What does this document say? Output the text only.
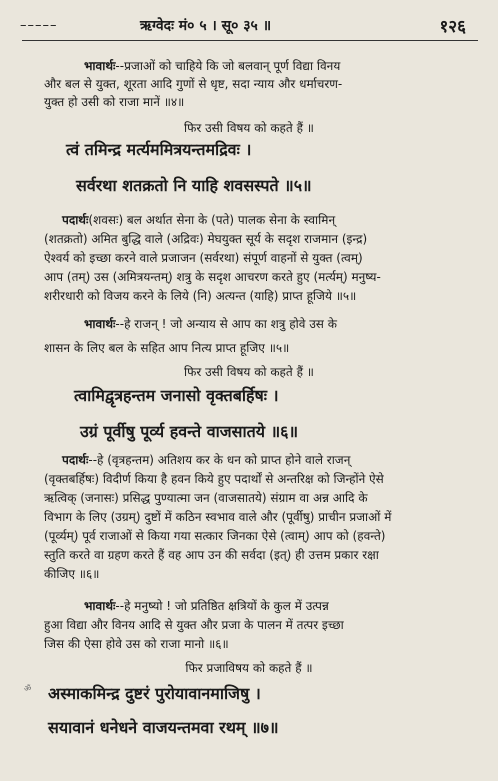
–––––	ऋग्वेदः मं० ५ । सू० ३५ ॥	१२६
भावार्थः--प्रजाओं को चाहिये कि जो बलवान् पूर्ण विद्या विनय
और बल से युक्त, शूरता आदि गुणों से धृष्ट, सदा न्याय और धर्माचरण-
युक्त हो उसी को राजा मानें ॥४॥
फिर उसी विषय को कहते हैं ॥
त्वं तमिन्द्र मर्त्यममित्रयन्तमद्रिवः ।
सर्वरथा शतक्रतो नि याहि शवसस्पते ॥५॥
पदार्थः(शवसः) बल अर्थात सेना के (पते) पालक सेना के स्वामिन्
(शतक्रतो) अमित बुद्धि वाले (अद्रिवः) मेघयुक्त सूर्य के सदृश राजमान (इन्द्र)
ऐश्वर्य को इच्छा करने वाले प्रजाजन (सर्वरथा) संपूर्ण वाहनों से युक्त (त्वम्)
आप (तम्) उस (अमित्रयन्तम्) शत्रु के सदृश आचरण करते हुए (मर्त्यम्) मनुष्य-
शरीरधारी को विजय करने के लिये (नि) अत्यन्त (याहि) प्राप्त हूजिये ॥५॥
भावार्थः--हे राजन् ! जो अन्याय से आप का शत्रु होवे उस के
शासन के लिए बल के सहित आप नित्य प्राप्त हूजिए ॥५॥
फिर उसी विषय को कहते हैं ॥
त्वामिद्वृत्रहन्तम जनासो वृक्तबर्हिषः ।
उग्रं पूर्वीषु पूर्व्य हवन्ते वाजसातये ॥६॥
पदार्थः--हे (वृत्रहन्तम) अतिशय कर के धन को प्राप्त होने वाले राजन्
(वृक्तबर्हिषः) विदीर्ण किया है हवन किये हुए पदार्थों से अन्तरिक्ष को जिन्होंने ऐसे
ऋत्विक् (जनासः) प्रसिद्ध पुण्यात्मा जन (वाजसातये) संग्राम वा अन्न आदि के
विभाग के लिए (उग्रम्) दुष्टों में कठिन स्वभाव वाले और (पूर्वीषु) प्राचीन प्रजाओं में
(पूर्व्यम्) पूर्व राजाओं से किया गया सत्कार जिनका ऐसे (त्वाम्) आप को (हवन्ते)
स्तुति करते वा ग्रहण करते हैं वह आप उन की सर्वदा (इत्) ही उत्तम प्रकार रक्षा
कीजिए ॥६॥
भावार्थः--हे मनुष्यो ! जो प्रतिष्ठित क्षत्रियों के कुल में उत्पन्न
हुआ विद्या और विनय आदि से युक्त और प्रजा के पालन में तत्पर इच्छा
जिस की ऐसा होवे उस को राजा मानो ॥६॥
फिर प्रजाविषय को कहते हैं ॥
ॐ अस्माकमिन्द्र दुष्टरं पुरोयावानमाजिषु ।
सयावानं धनेधने वाजयन्तमवा रथम् ॥७॥
